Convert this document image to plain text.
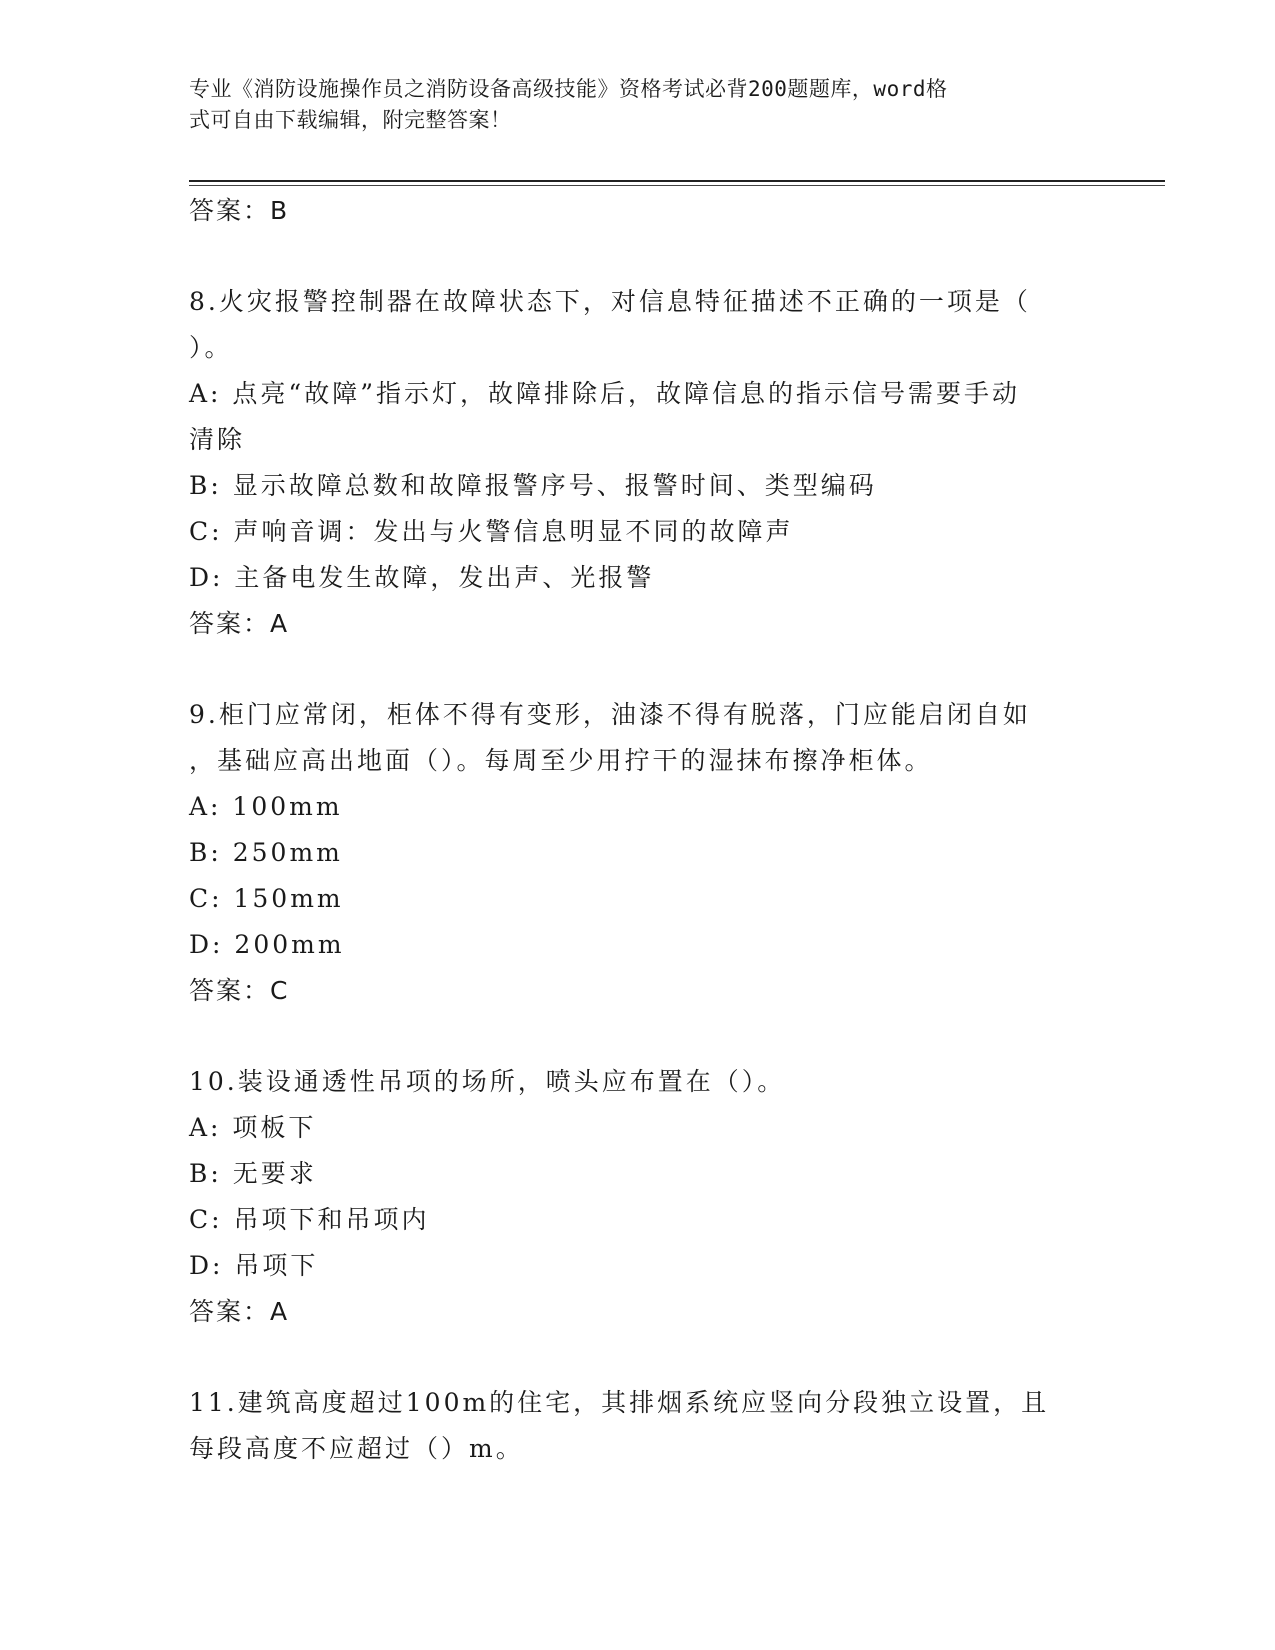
专业《消防设施操作员之消防设备高级技能》资格考试必背200题题库，word格
式可自由下载编辑，附完整答案！
答案：B
8.火灾报警控制器在故障状态下，对信息特征描述不正确的一项是（
）。
A: 点亮“故障”指示灯，故障排除后，故障信息的指示信号需要手动
清除
B: 显示故障总数和故障报警序号、报警时间、类型编码
C: 声响音调：发出与火警信息明显不同的故障声
D: 主备电发生故障，发出声、光报警
答案：A
9.柜门应常闭，柜体不得有变形，油漆不得有脱落，门应能启闭自如
，基础应高出地面（）。每周至少用拧干的湿抹布擦净柜体。
A: 100mm
B: 250mm
C: 150mm
D: 200mm
答案：C
10.装设通透性吊项的场所，喷头应布置在（）。
A: 项板下
B: 无要求
C: 吊项下和吊项内
D: 吊项下
答案：A
11.建筑高度超过100m的住宅，其排烟系统应竖向分段独立设置，且
每段高度不应超过（）m。
